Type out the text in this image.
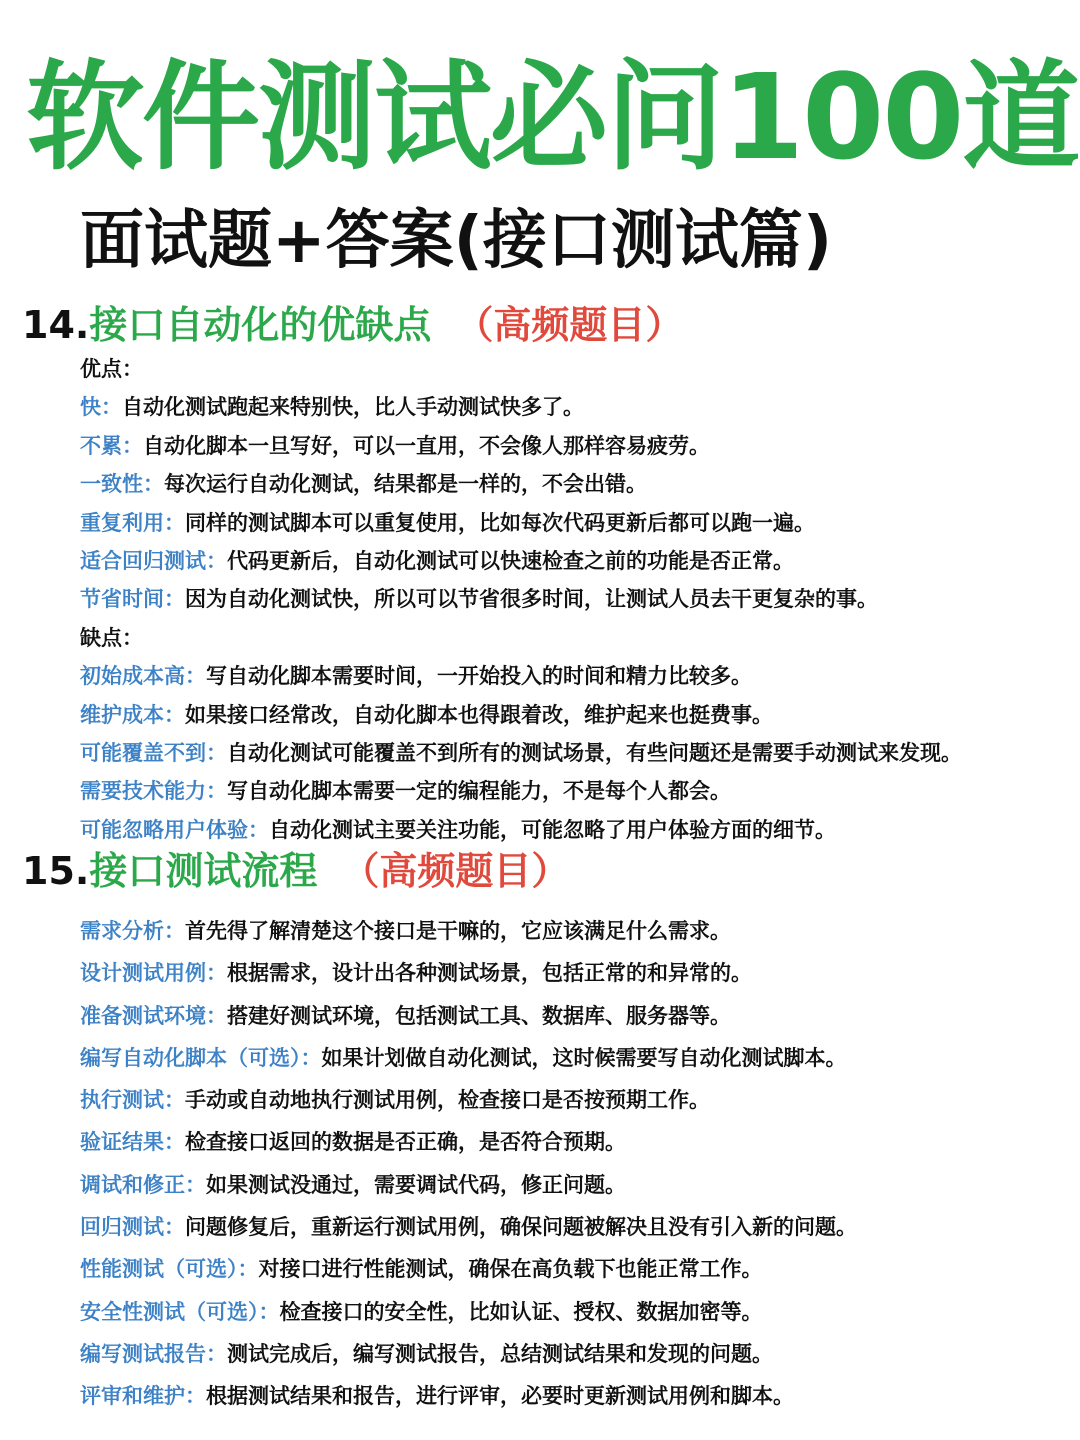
软件测试必问100道
面试题+答案(接口测试篇)
14.接口自动化的优缺点 （高频题目）
优点：
快：自动化测试跑起来特别快，比人手动测试快多了。
不累：自动化脚本一旦写好，可以一直用，不会像人那样容易疲劳。
一致性：每次运行自动化测试，结果都是一样的，不会出错。
重复利用：同样的测试脚本可以重复使用，比如每次代码更新后都可以跑一遍。
适合回归测试：代码更新后，自动化测试可以快速检查之前的功能是否正常。
节省时间：因为自动化测试快，所以可以节省很多时间，让测试人员去干更复杂的事。
缺点：
初始成本高：写自动化脚本需要时间，一开始投入的时间和精力比较多。
维护成本：如果接口经常改，自动化脚本也得跟着改，维护起来也挺费事。
可能覆盖不到：自动化测试可能覆盖不到所有的测试场景，有些问题还是需要手动测试来发现。
需要技术能力：写自动化脚本需要一定的编程能力，不是每个人都会。
可能忽略用户体验：自动化测试主要关注功能，可能忽略了用户体验方面的细节。
15.接口测试流程 （高频题目）
需求分析：首先得了解清楚这个接口是干嘛的，它应该满足什么需求。
设计测试用例：根据需求，设计出各种测试场景，包括正常的和异常的。
准备测试环境：搭建好测试环境，包括测试工具、数据库、服务器等。
编写自动化脚本（可选）：如果计划做自动化测试，这时候需要写自动化测试脚本。
执行测试：手动或自动地执行测试用例，检查接口是否按预期工作。
验证结果：检查接口返回的数据是否正确，是否符合预期。
调试和修正：如果测试没通过，需要调试代码，修正问题。
回归测试：问题修复后，重新运行测试用例，确保问题被解决且没有引入新的问题。
性能测试（可选）：对接口进行性能测试，确保在高负载下也能正常工作。
安全性测试（可选）：检查接口的安全性，比如认证、授权、数据加密等。
编写测试报告：测试完成后，编写测试报告，总结测试结果和发现的问题。
评审和维护：根据测试结果和报告，进行评审，必要时更新测试用例和脚本。
